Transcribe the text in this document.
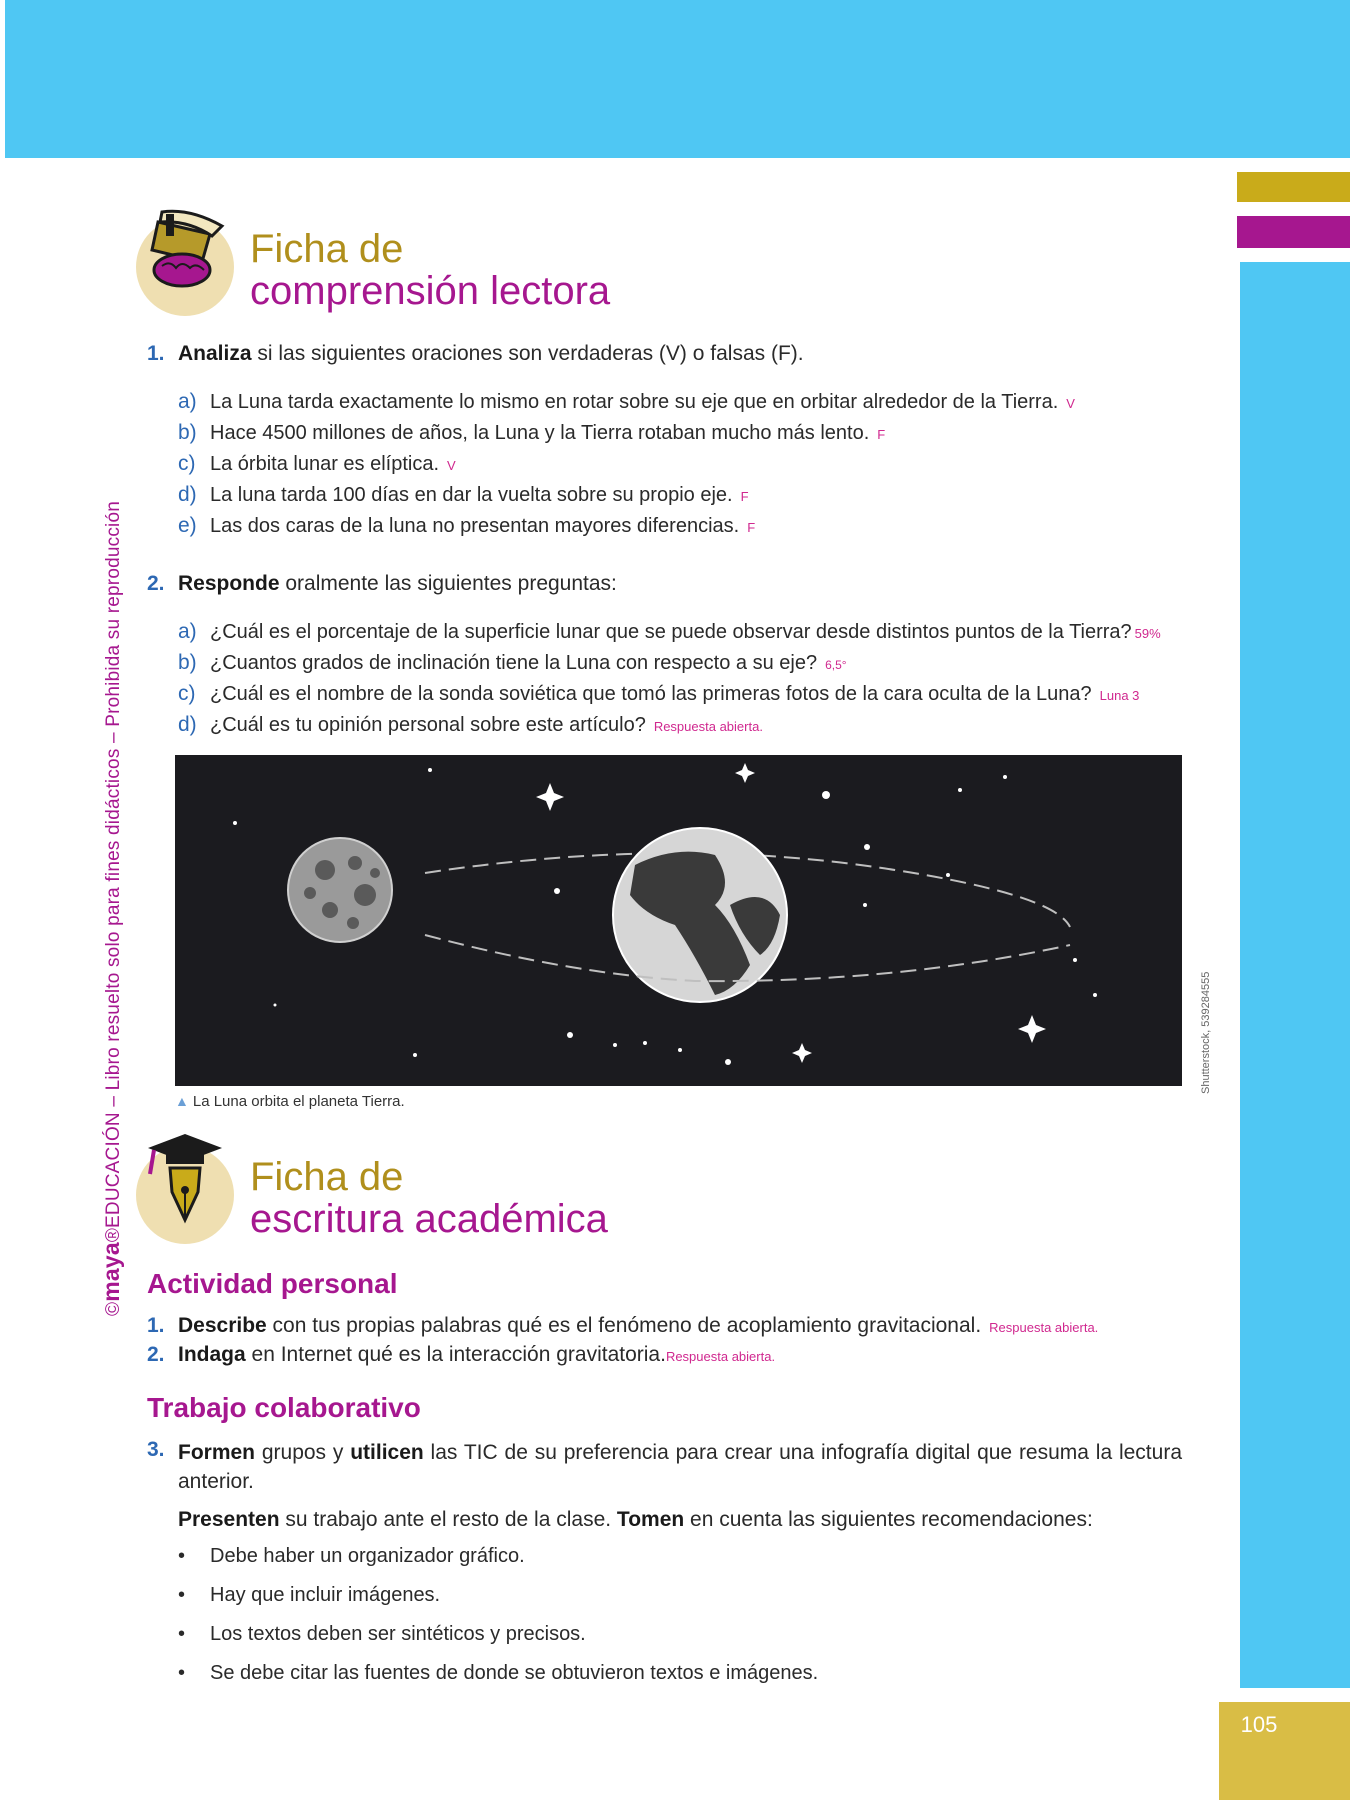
105
©maya®EDUCACIÓN – Libro resuelto solo para fines didácticos – Prohibida su reproducción
Ficha de
comprensión lectora
1. Analiza si las siguientes oraciones son verdaderas (V) o falsas (F).
a) La Luna tarda exactamente lo mismo en rotar sobre su eje que en orbitar alrededor de la Tierra. V
b) Hace 4500 millones de años, la Luna y la Tierra rotaban mucho más lento. F
c) La órbita lunar es elíptica. V
d) La luna tarda 100 días en dar la vuelta sobre su propio eje. F
e) Las dos caras de la luna no presentan mayores diferencias. F
2. Responde oralmente las siguientes preguntas:
a) ¿Cuál es el porcentaje de la superficie lunar que se puede observar desde distintos puntos de la Tierra? 59%
b) ¿Cuantos grados de inclinación tiene la Luna con respecto a su eje? 6,5°
c) ¿Cuál es el nombre de la sonda soviética que tomó las primeras fotos de la cara oculta de la Luna? Luna 3
d) ¿Cuál es tu opinión personal sobre este artículo? Respuesta abierta.
Shutterstock, 539284555
▲ La Luna orbita el planeta Tierra.
Ficha de
escritura académica
Actividad personal
1. Describe con tus propias palabras qué es el fenómeno de acoplamiento gravitacional. Respuesta abierta.
2. Indaga en Internet qué es la interacción gravitatoria.Respuesta abierta.
Trabajo colaborativo
3. Formen grupos y utilicen las TIC de su preferencia para crear una infografía digital que resuma la lectura anterior.
Presenten su trabajo ante el resto de la clase. Tomen en cuenta las siguientes recomendaciones:
• Debe haber un organizador gráfico.
• Hay que incluir imágenes.
• Los textos deben ser sintéticos y precisos.
• Se debe citar las fuentes de donde se obtuvieron textos e imágenes.
